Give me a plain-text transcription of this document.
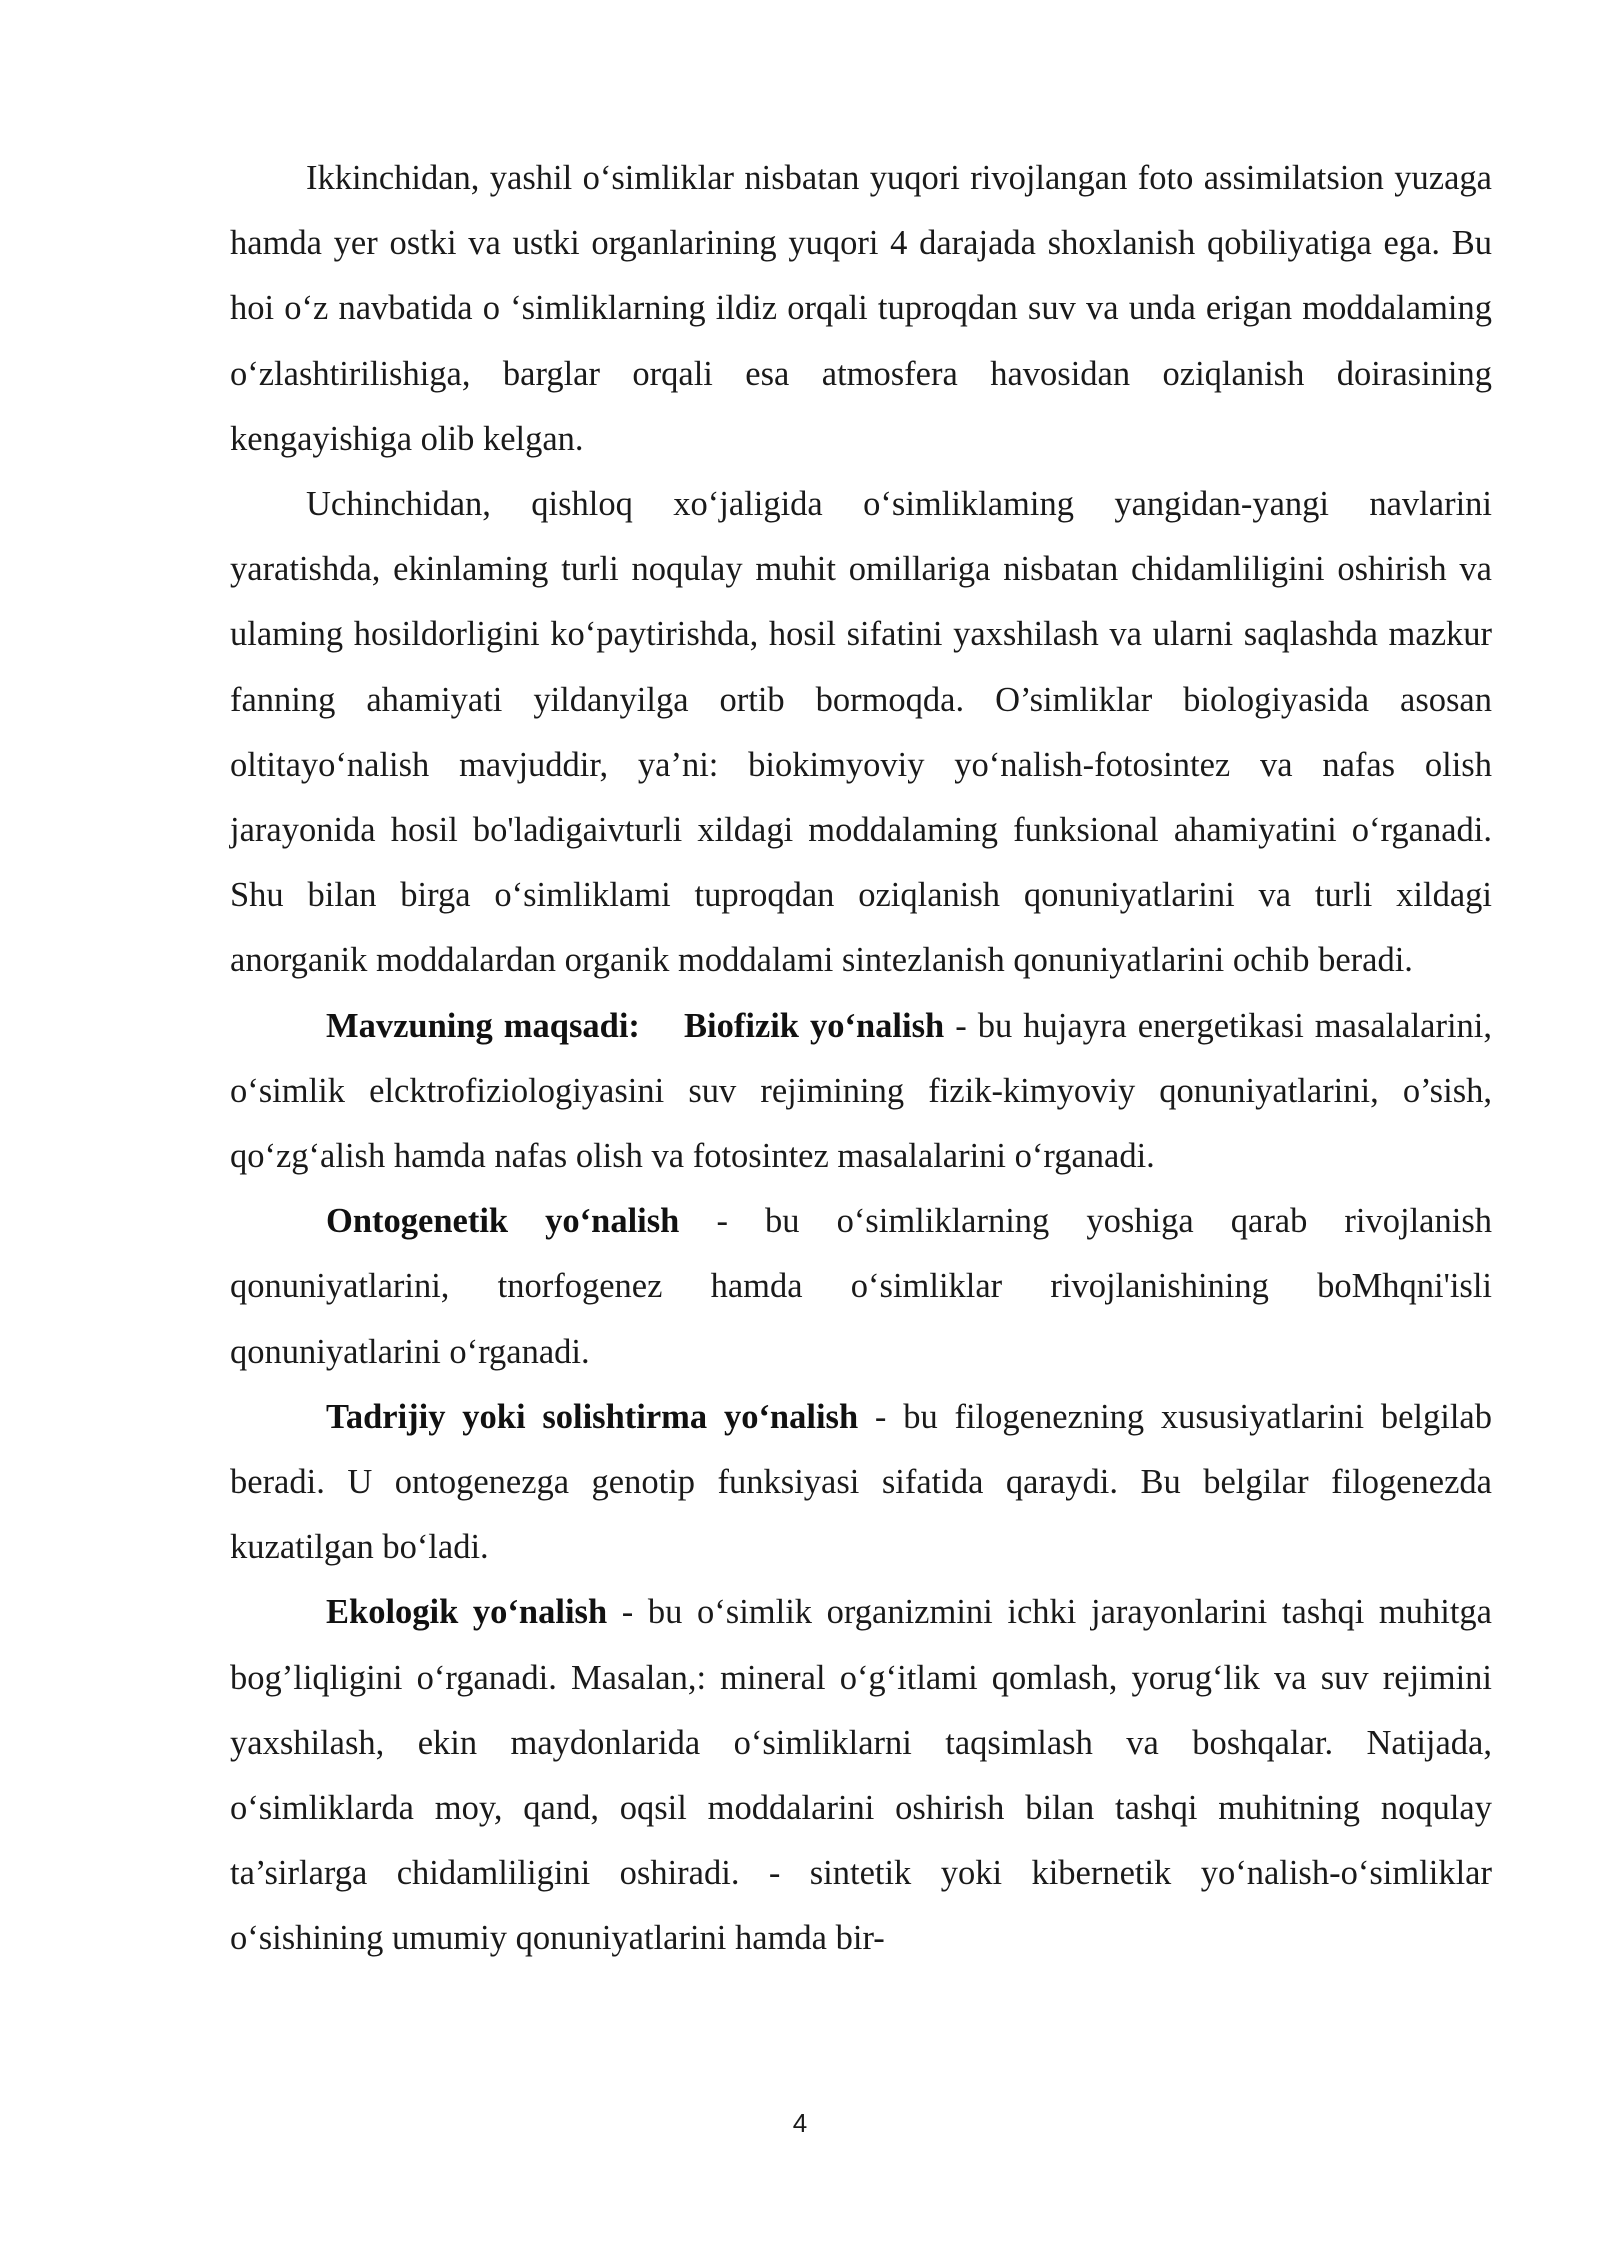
Ikkinchidan, yashil o‘simliklar nisbatan yuqori rivojlangan foto assimilatsion yuzaga hamda yer ostki va ustki organlarining yuqori 4 darajada shoxlanish qobiliyatiga ega. Bu hoi o‘z navbatida o ‘simliklarning ildiz orqali tuproqdan suv va unda erigan moddalaming o‘zlashtirilishiga, barglar orqali esa atmosfera havosidan oziqlanish doirasining kengayishiga olib kelgan.

Uchinchidan, qishloq xo‘jaligida o‘simliklaming yangidan-yangi navlarini yaratishda, ekinlaming turli noqulay muhit omillariga nisbatan chidamliligini oshirish va ulaming hosildorligini ko‘paytirishda, hosil sifatini yaxshilash va ularni saqlashda mazkur fanning ahamiyati yildanyilga ortib bormoqda. O’simliklar biologiyasida asosan oltitayo‘nalish mavjuddir, ya’ni: biokimyoviy yo‘nalish-fotosintez va nafas olish jarayonida hosil bo'ladigaivturli xildagi moddalaming funksional ahamiyatini o‘rganadi. Shu bilan birga o‘simliklami tuproqdan oziqlanish qonuniyatlarini va turli xildagi anorganik moddalardan organik moddalami sintezlanish qonuniyatlarini ochib beradi.

Mavzuning maqsadi: Biofizik yo‘nalish - bu hujayra energetikasi masalalarini, o‘simlik elcktrofiziologiyasini suv rejimining fizik-kimyoviy qonuniyatlarini, o’sish, qo‘zg‘alish hamda nafas olish va fotosintez masalalarini o‘rganadi.

Ontogenetik yo‘nalish - bu o‘simliklarning yoshiga qarab rivojlanish qonuniyatlarini, tnorfogenez hamda o‘simliklar rivojlanishining boMhqni'isli qonuniyatlarini o‘rganadi.

Tadrijiy yoki solishtirma yo‘nalish - bu filogenezning xususiyatlarini belgilab beradi. U ontogenezga genotip funksiyasi sifatida qaraydi. Bu belgilar filogenezda kuzatilgan bo‘ladi.

Ekologik yo‘nalish - bu o‘simlik organizmini ichki jarayonlarini tashqi muhitga bog’liqligini o‘rganadi. Masalan,: mineral o‘g‘itlami qomlash, yorug‘lik va suv rejimini yaxshilash, ekin maydonlarida o‘simliklarni taqsimlash va boshqalar. Natijada, o‘simliklarda moy, qand, oqsil moddalarini oshirish bilan tashqi muhitning noqulay ta’sirlarga chidamliligini oshiradi. - sintetik yoki kibernetik yo‘nalish-o‘simliklar o‘sishining umumiy qonuniyatlarini hamda bir-

4
